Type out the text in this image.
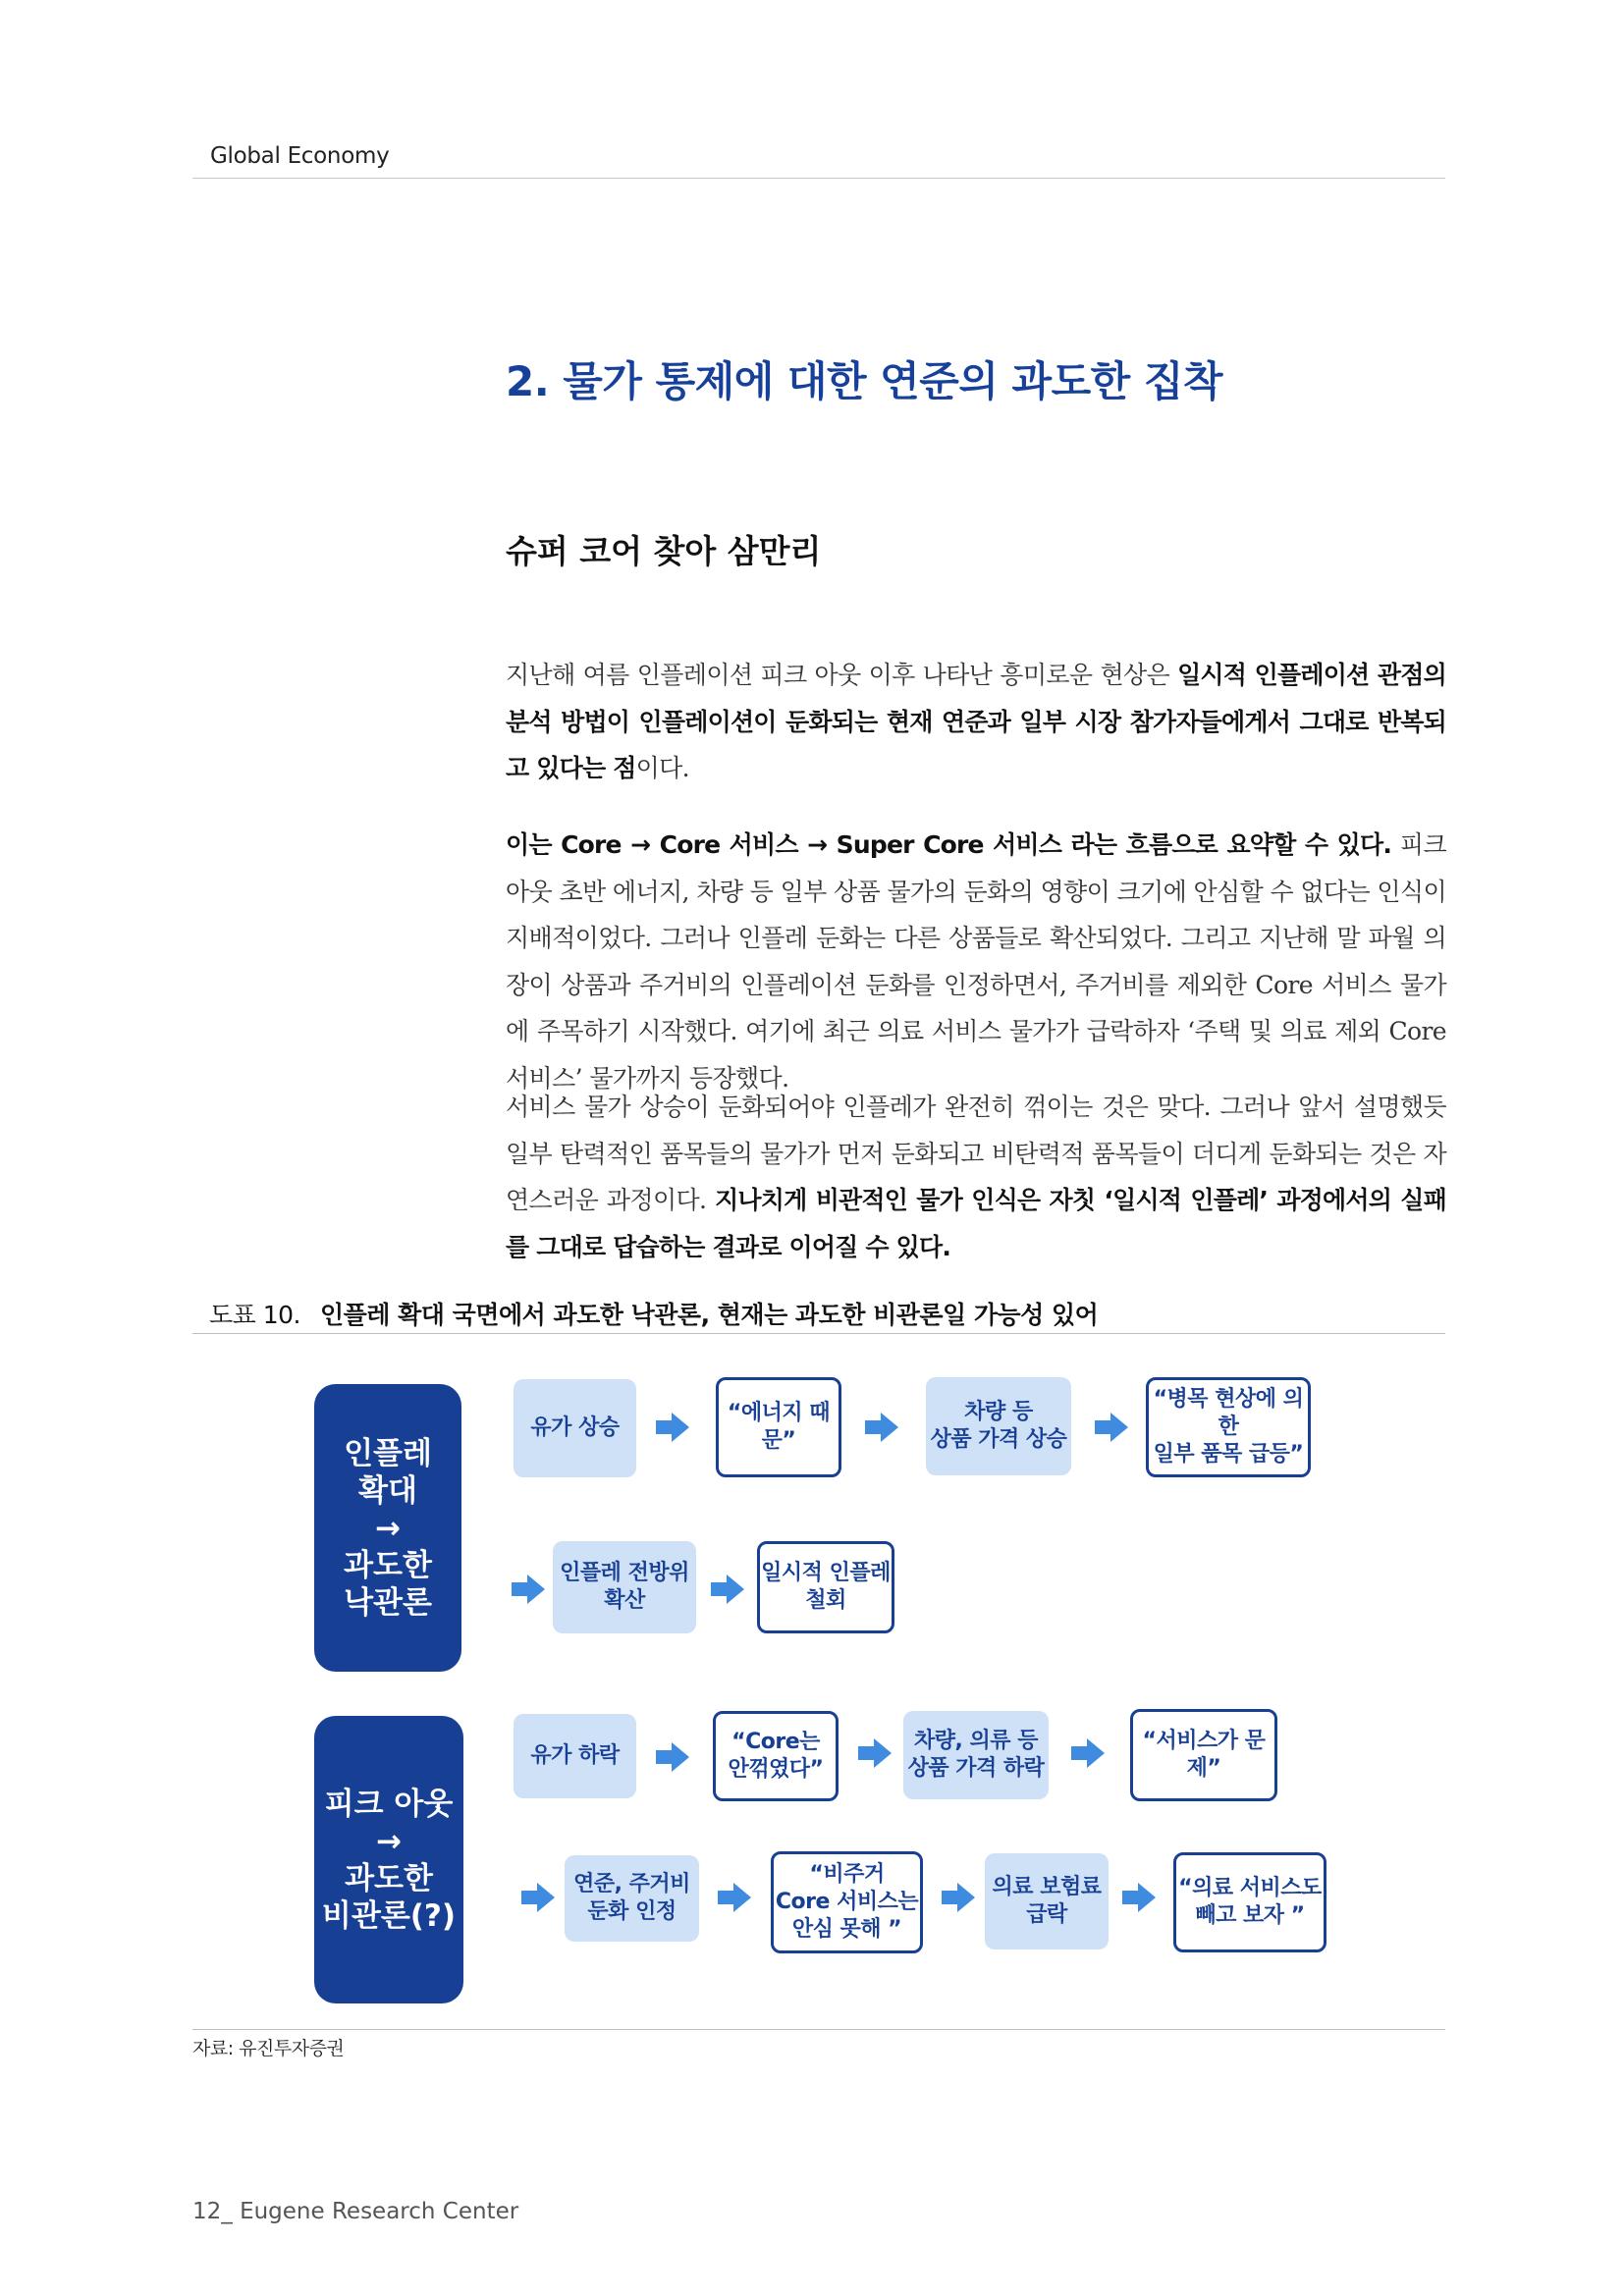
Global Economy
2. 물가 통제에 대한 연준의 과도한 집착
슈퍼 코어 찾아 삼만리
지난해 여름 인플레이션 피크 아웃 이후 나타난 흥미로운 현상은 일시적 인플레이션 관점의 분석 방법이 인플레이션이 둔화되는 현재 연준과 일부 시장 참가자들에게서 그대로 반복되고 있다는 점이다.
이는 Core → Core 서비스 → Super Core 서비스 라는 흐름으로 요약할 수 있다. 피크 아웃 초반 에너지, 차량 등 일부 상품 물가의 둔화의 영향이 크기에 안심할 수 없다는 인식이 지배적이었다. 그러나 인플레 둔화는 다른 상품들로 확산되었다. 그리고 지난해 말 파월 의장이 상품과 주거비의 인플레이션 둔화를 인정하면서, 주거비를 제외한 Core 서비스 물가에 주목하기 시작했다. 여기에 최근 의료 서비스 물가가 급락하자 ‘주택 및 의료 제외 Core 서비스’ 물가까지 등장했다.
서비스 물가 상승이 둔화되어야 인플레가 완전히 꺾이는 것은 맞다. 그러나 앞서 설명했듯 일부 탄력적인 품목들의 물가가 먼저 둔화되고 비탄력적 품목들이 더디게 둔화되는 것은 자연스러운 과정이다. 지나치게 비관적인 물가 인식은 자칫 ‘일시적 인플레’ 과정에서의 실패를 그대로 답습하는 결과로 이어질 수 있다.
도표 10. 인플레 확대 국면에서 과도한 낙관론, 현재는 과도한 비관론일 가능성 있어
인플레
확대
→
과도한
낙관론
피크 아웃
→
과도한
비관론(?)
유가 상승
“에너지 때문”
차량 등
상품 가격 상승
“병목 현상에 의한
일부 품목 급등”
인플레 전방위
확산
일시적 인플레
철회
유가 하락
“Core는
안꺾였다”
차량, 의류 등
상품 가격 하락
“서비스가 문제”
연준, 주거비
둔화 인정
“비주거
Core 서비스는
안심 못해 ”
의료 보험료
급락
“의료 서비스도
빼고 보자 ”
자료: 유진투자증권
12_ Eugene Research Center
